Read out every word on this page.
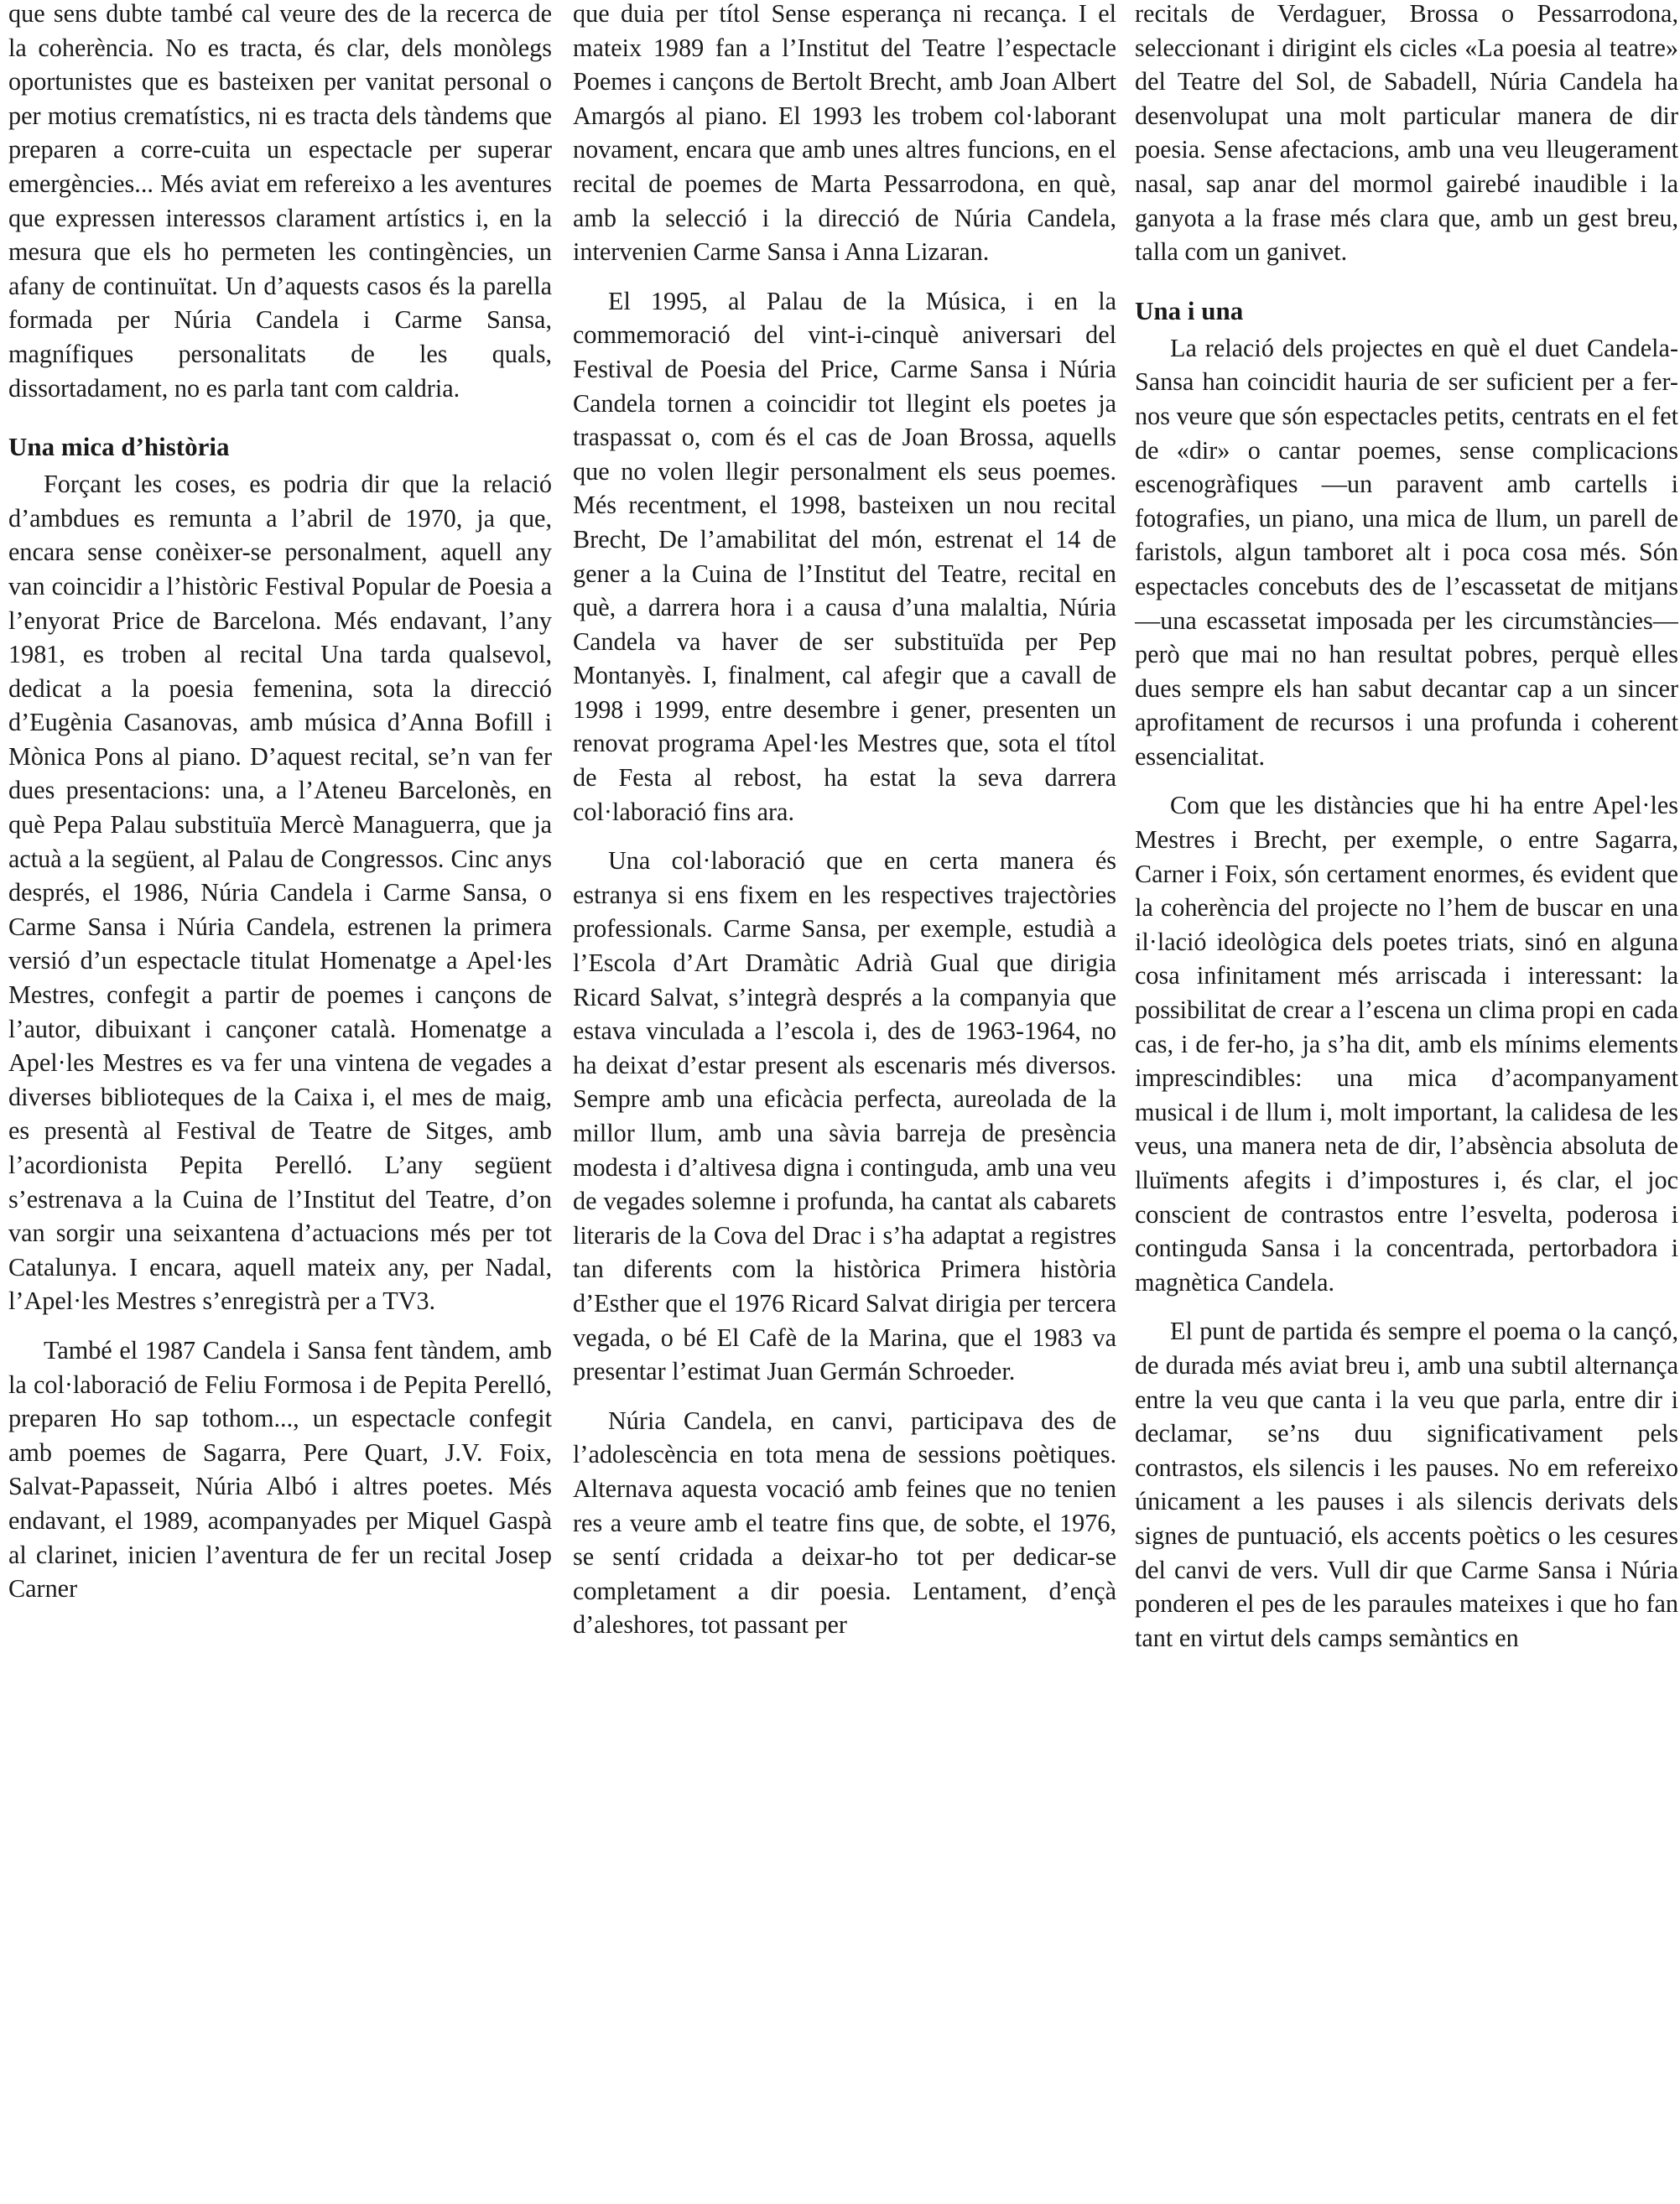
que sens dubte també cal veure des de la recerca de la coherència. No es tracta, és clar, dels monòlegs oportunistes que es basteixen per vanitat personal o per motius crematístics, ni es tracta dels tàndems que preparen a corre-cuita un espectacle per superar emergències... Més aviat em refereixo a les aventures que expressen interessos clarament artístics i, en la mesura que els ho permeten les contingències, un afany de continuïtat. Un d’aquests casos és la parella formada per Núria Candela i Carme Sansa, magnífiques personalitats de les quals, dissortadament, no es parla tant com caldria.

Una mica d’història

Forçant les coses, es podria dir que la relació d’ambdues es remunta a l’abril de 1970, ja que, encara sense conèixer-se personalment, aquell any van coincidir a l’històric Festival Popular de Poesia a l’enyorat Price de Barcelona. Més endavant, l’any 1981, es troben al recital Una tarda qualsevol, dedicat a la poesia femenina, sota la direcció d’Eugènia Casanovas, amb música d’Anna Bofill i Mònica Pons al piano. D’aquest recital, se’n van fer dues presentacions: una, a l’Ateneu Barcelonès, en què Pepa Palau substituïa Mercè Managuerra, que ja actuà a la següent, al Palau de Congressos. Cinc anys després, el 1986, Núria Candela i Carme Sansa, o Carme Sansa i Núria Candela, estrenen la primera versió d’un espectacle titulat Homenatge a Apel·les Mestres, confegit a partir de poemes i cançons de l’autor, dibuixant i cançoner català. Homenatge a Apel·les Mestres es va fer una vintena de vegades a diverses biblioteques de la Caixa i, el mes de maig, es presentà al Festival de Teatre de Sitges, amb l’acordionista Pepita Perelló. L’any següent s’estrenava a la Cuina de l’Institut del Teatre, d’on van sorgir una seixantena d’actuacions més per tot Catalunya. I encara, aquell mateix any, per Nadal, l’Apel·les Mestres s’enregistrà per a TV3.

També el 1987 Candela i Sansa fent tàndem, amb la col·laboració de Feliu Formosa i de Pepita Perelló, preparen Ho sap tothom..., un espectacle confegit amb poemes de Sagarra, Pere Quart, J.V. Foix, Salvat-Papasseit, Núria Albó i altres poetes. Més endavant, el 1989, acompanyades per Miquel Gaspà al clarinet, inicien l’aventura de fer un recital Josep Carner

que duia per títol Sense esperança ni recança. I el mateix 1989 fan a l’Institut del Teatre l’espectacle Poemes i cançons de Bertolt Brecht, amb Joan Albert Amargós al piano. El 1993 les trobem col·laborant novament, encara que amb unes altres funcions, en el recital de poemes de Marta Pessarrodona, en què, amb la selecció i la direcció de Núria Candela, intervenien Carme Sansa i Anna Lizaran.

El 1995, al Palau de la Música, i en la commemoració del vint-i-cinquè aniversari del Festival de Poesia del Price, Carme Sansa i Núria Candela tornen a coincidir tot llegint els poetes ja traspassat o, com és el cas de Joan Brossa, aquells que no volen llegir personalment els seus poemes. Més recentment, el 1998, basteixen un nou recital Brecht, De l’amabilitat del món, estrenat el 14 de gener a la Cuina de l’Institut del Teatre, recital en què, a darrera hora i a causa d’una malaltia, Núria Candela va haver de ser substituïda per Pep Montanyès. I, finalment, cal afegir que a cavall de 1998 i 1999, entre desembre i gener, presenten un renovat programa Apel·les Mestres que, sota el títol de Festa al rebost, ha estat la seva darrera col·laboració fins ara.

Una col·laboració que en certa manera és estranya si ens fixem en les respectives trajectòries professionals. Carme Sansa, per exemple, estudià a l’Escola d’Art Dramàtic Adrià Gual que dirigia Ricard Salvat, s’integrà després a la companyia que estava vinculada a l’escola i, des de 1963-1964, no ha deixat d’estar present als escenaris més diversos. Sempre amb una eficàcia perfecta, aureolada de la millor llum, amb una sàvia barreja de presència modesta i d’altivesa digna i continguda, amb una veu de vegades solemne i profunda, ha cantat als cabarets literaris de la Cova del Drac i s’ha adaptat a registres tan diferents com la històrica Primera història d’Esther que el 1976 Ricard Salvat dirigia per tercera vegada, o bé El Cafè de la Marina, que el 1983 va presentar l’estimat Juan Germán Schroeder.

Núria Candela, en canvi, participava des de l’adolescència en tota mena de sessions poètiques. Alternava aquesta vocació amb feines que no tenien res a veure amb el teatre fins que, de sobte, el 1976, se sentí cridada a deixar-ho tot per dedicar-se completament a dir poesia. Lentament, d’ençà d’aleshores, tot passant per

recitals de Verdaguer, Brossa o Pessarrodona, seleccionant i dirigint els cicles «La poesia al teatre» del Teatre del Sol, de Sabadell, Núria Candela ha desenvolupat una molt particular manera de dir poesia. Sense afectacions, amb una veu lleugerament nasal, sap anar del mormol gairebé inaudible i la ganyota a la frase més clara que, amb un gest breu, talla com un ganivet.

Una i una

La relació dels projectes en què el duet Candela-Sansa han coincidit hauria de ser suficient per a fer-nos veure que són espectacles petits, centrats en el fet de «dir» o cantar poemes, sense complicacions escenogràfiques —un paravent amb cartells i fotografies, un piano, una mica de llum, un parell de faristols, algun tamboret alt i poca cosa més. Són espectacles concebuts des de l’escassetat de mitjans —una escassetat imposada per les circumstàncies— però que mai no han resultat pobres, perquè elles dues sempre els han sabut decantar cap a un sincer aprofitament de recursos i una profunda i coherent essencialitat.

Com que les distàncies que hi ha entre Apel·les Mestres i Brecht, per exemple, o entre Sagarra, Carner i Foix, són certament enormes, és evident que la coherència del projecte no l’hem de buscar en una il·lació ideològica dels poetes triats, sinó en alguna cosa infinitament més arriscada i interessant: la possibilitat de crear a l’escena un clima propi en cada cas, i de fer-ho, ja s’ha dit, amb els mínims elements imprescindibles: una mica d’acompanyament musical i de llum i, molt important, la calidesa de les veus, una manera neta de dir, l’absència absoluta de lluïments afegits i d’impostures i, és clar, el joc conscient de contrastos entre l’esvelta, poderosa i continguda Sansa i la concentrada, pertorbadora i magnètica Candela.

El punt de partida és sempre el poema o la cançó, de durada més aviat breu i, amb una subtil alternança entre la veu que canta i la veu que parla, entre dir i declamar, se’ns duu significativament pels contrastos, els silencis i les pauses. No em refereixo únicament a les pauses i als silencis derivats dels signes de puntuació, els accents poètics o les cesures del canvi de vers. Vull dir que Carme Sansa i Núria ponderen el pes de les paraules mateixes i que ho fan tant en virtut dels camps semàntics en
